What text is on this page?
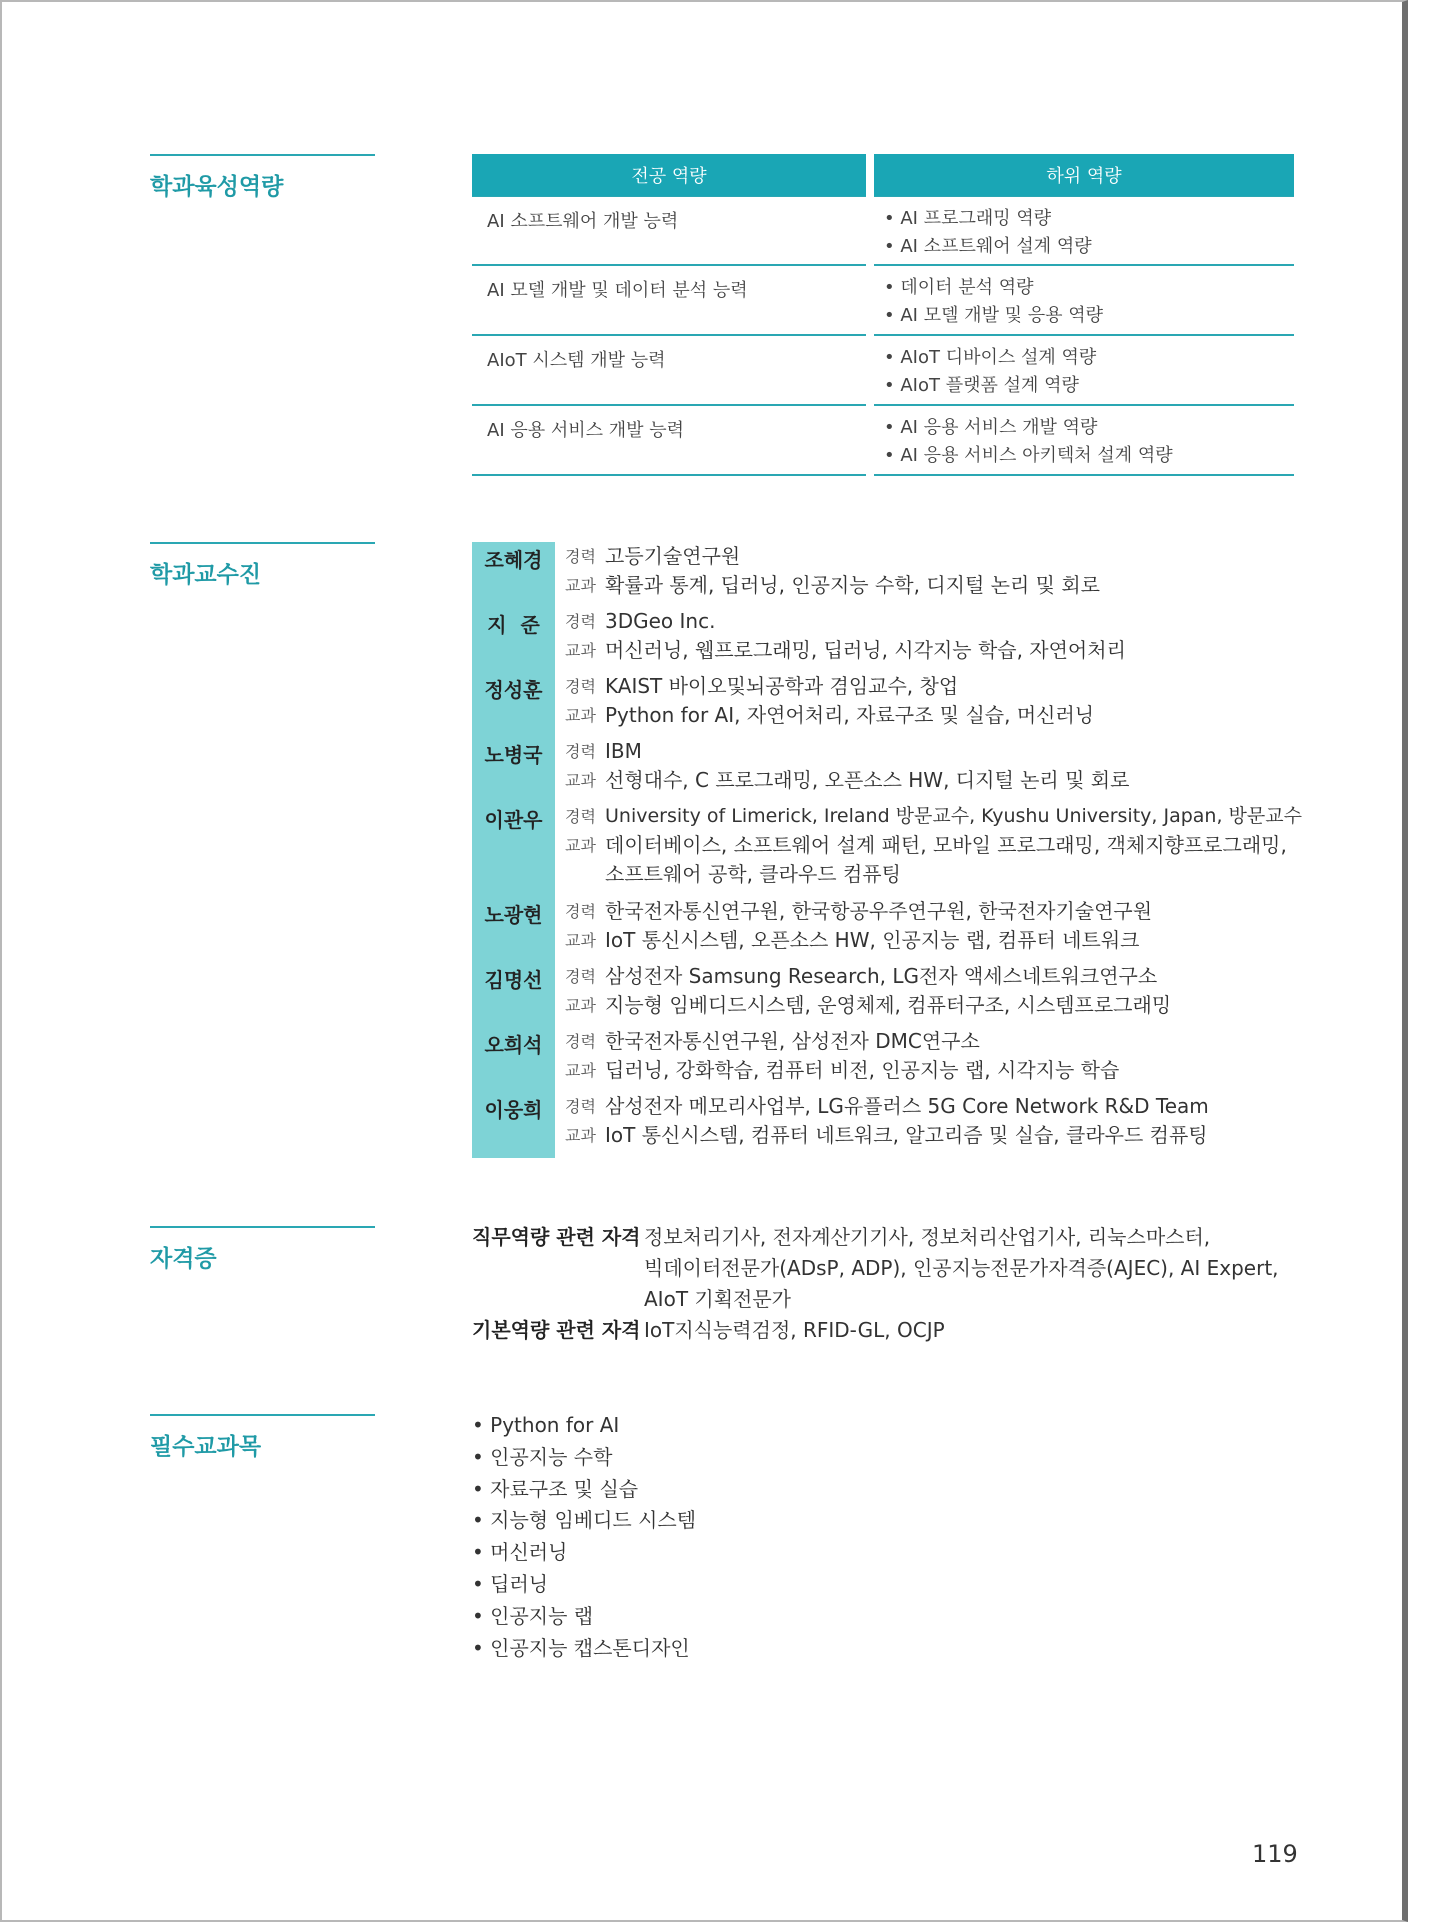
학과육성역량
학과교수진
자격증
필수교과목
전공 역량	하위 역량
AI 소프트웨어 개발 능력	• AI 프로그래밍 역량
• AI 소프트웨어 설계 역량
AI 모델 개발 및 데이터 분석 능력	• 데이터 분석 역량
• AI 모델 개발 및 응용 역량
AIoT 시스템 개발 능력	• AIoT 디바이스 설계 역량
• AIoT 플랫폼 설계 역량
AI 응용 서비스 개발 능력	• AI 응용 서비스 개발 역량
• AI 응용 서비스 아키텍처 설계 역량
조혜경	경력 고등기술연구원
교과 확률과 통계, 딥러닝, 인공지능 수학, 디지털 논리 및 회로
지  준	경력 3DGeo Inc.
교과 머신러닝, 웹프로그래밍, 딥러닝, 시각지능 학습, 자연어처리
정성훈	경력 KAIST 바이오및뇌공학과 겸임교수, 창업
교과 Python for AI, 자연어처리, 자료구조 및 실습, 머신러닝
노병국	경력 IBM
교과 선형대수, C 프로그래밍, 오픈소스 HW, 디지털 논리 및 회로
이관우	경력 University of Limerick, Ireland 방문교수, Kyushu University, Japan, 방문교수
교과 데이터베이스, 소프트웨어 설계 패턴, 모바일 프로그래밍, 객체지향프로그래밍,
소프트웨어 공학, 클라우드 컴퓨팅
노광현	경력 한국전자통신연구원, 한국항공우주연구원, 한국전자기술연구원
교과 IoT 통신시스템, 오픈소스 HW, 인공지능 랩, 컴퓨터 네트워크
김명선	경력 삼성전자 Samsung Research, LG전자 액세스네트워크연구소
교과 지능형 임베디드시스템, 운영체제, 컴퓨터구조, 시스템프로그래밍
오희석	경력 한국전자통신연구원, 삼성전자 DMC연구소
교과 딥러닝, 강화학습, 컴퓨터 비전, 인공지능 랩, 시각지능 학습
이웅희	경력 삼성전자 메모리사업부, LG유플러스 5G Core Network R&D Team
교과 IoT 통신시스템, 컴퓨터 네트워크, 알고리즘 및 실습, 클라우드 컴퓨팅
직무역량 관련 자격 정보처리기사, 전자계산기기사, 정보처리산업기사, 리눅스마스터,
빅데이터전문가(ADsP, ADP), 인공지능전문가자격증(AJEC), AI Expert,
AIoT 기획전문가
기본역량 관련 자격 IoT지식능력검정, RFID-GL, OCJP
• Python for AI
• 인공지능 수학
• 자료구조 및 실습
• 지능형 임베디드 시스템
• 머신러닝
• 딥러닝
• 인공지능 랩
• 인공지능 캡스톤디자인
119
